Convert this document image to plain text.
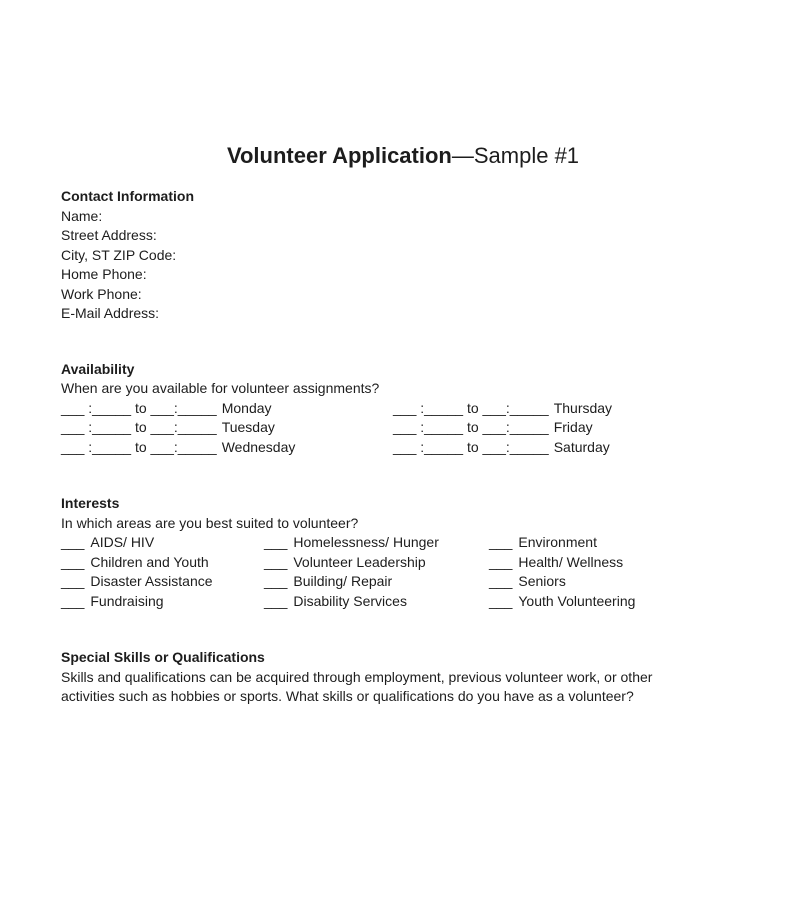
Volunteer Application—Sample #1
Contact Information
Name:
Street Address:
City, ST ZIP Code:
Home Phone:
Work Phone:
E-Mail Address:
Availability
When are you available for volunteer assignments?
___ :_____ to ___:_____ Monday	___ :_____ to ___:_____ Thursday
___ :_____ to ___:_____ Tuesday	___ :_____ to ___:_____ Friday
___ :_____ to ___:_____ Wednesday	___ :_____ to ___:_____ Saturday
Interests
In which areas are you best suited to volunteer?
___ AIDS/ HIV	___ Homelessness/ Hunger	___ Environment
___ Children and Youth	___ Volunteer Leadership	___ Health/ Wellness
___ Disaster Assistance	___ Building/ Repair	___ Seniors
___ Fundraising	___ Disability Services	___ Youth Volunteering
Special Skills or Qualifications
Skills and qualifications can be acquired through employment, previous volunteer work, or other
activities such as hobbies or sports. What skills or qualifications do you have as a volunteer?
